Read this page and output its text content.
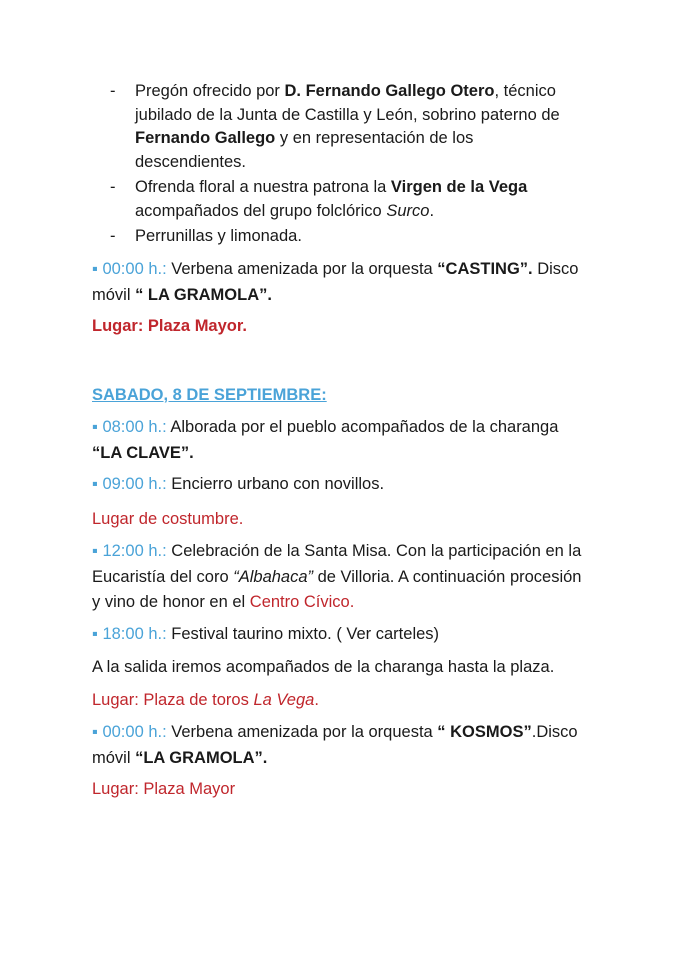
-	Pregón ofrecido por D. Fernando Gallego Otero, técnico jubilado de la Junta de Castilla y León, sobrino paterno de Fernando Gallego y en representación de los descendientes.
-	Ofrenda floral a nuestra patrona la Virgen de la Vega acompañados del grupo folclórico Surco.
-	Perrunillas y limonada.
▪ 00:00 h.: Verbena amenizada por la orquesta “CASTING”. Disco móvil “ LA GRAMOLA”.
Lugar: Plaza Mayor.
SABADO, 8 DE SEPTIEMBRE:
▪ 08:00 h.: Alborada por el pueblo acompañados de la charanga “LA CLAVE”.
▪ 09:00 h.: Encierro urbano con novillos.
Lugar de costumbre.
▪ 12:00 h.: Celebración de la Santa Misa. Con la participación en la Eucaristía del coro “Albahaca” de Villoria. A continuación procesión y vino de honor en el Centro Cívico.
▪ 18:00 h.: Festival taurino mixto. ( Ver carteles)
A la salida iremos acompañados de la charanga hasta la plaza.
Lugar: Plaza de toros La Vega.
▪ 00:00 h.: Verbena amenizada por la orquesta “ KOSMOS”.Disco móvil “LA GRAMOLA”.
Lugar: Plaza Mayor
